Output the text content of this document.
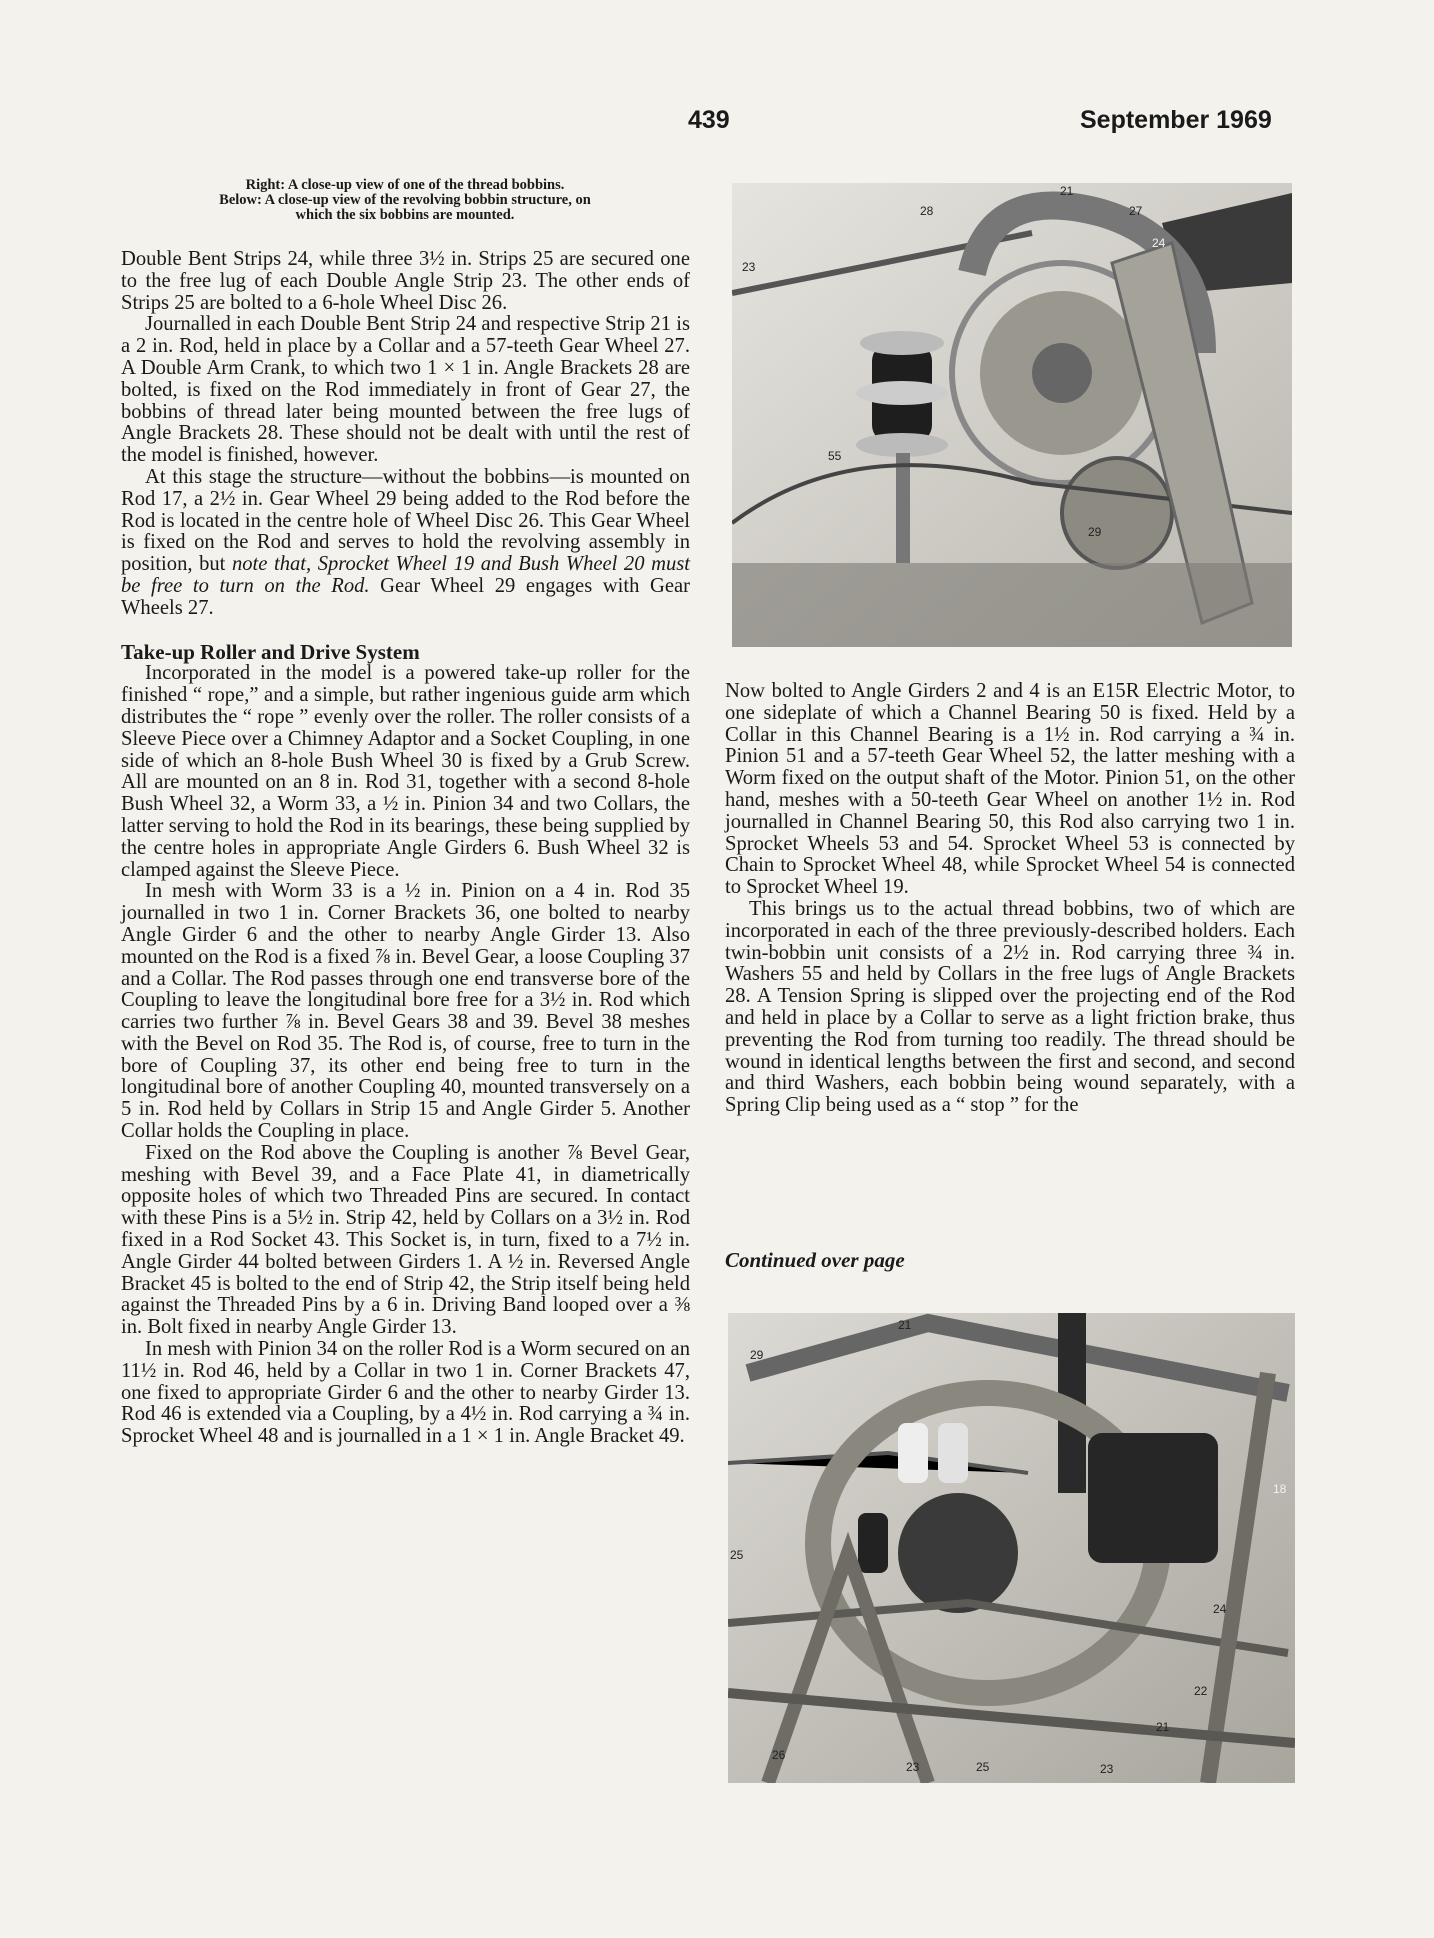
439	September 1969
Right: A close-up view of one of the thread bobbins.
Below: A close-up view of the revolving bobbin structure, on
which the six bobbins are mounted.

Double Bent Strips 24, while three 3½ in. Strips 25 are secured one to the free lug of each Double Angle Strip 23. The other ends of Strips 25 are bolted to a 6-hole Wheel Disc 26.

Journalled in each Double Bent Strip 24 and respective Strip 21 is a 2 in. Rod, held in place by a Collar and a 57-teeth Gear Wheel 27. A Double Arm Crank, to which two 1 × 1 in. Angle Brackets 28 are bolted, is fixed on the Rod immediately in front of Gear 27, the bobbins of thread later being mounted between the free lugs of Angle Brackets 28. These should not be dealt with until the rest of the model is finished, however.

At this stage the structure—without the bobbins—is mounted on Rod 17, a 2½ in. Gear Wheel 29 being added to the Rod before the Rod is located in the centre hole of Wheel Disc 26. This Gear Wheel is fixed on the Rod and serves to hold the revolving assembly in position, but note that, Sprocket Wheel 19 and Bush Wheel 20 must be free to turn on the Rod. Gear Wheel 29 engages with Gear Wheels 27.

Take-up Roller and Drive System

Incorporated in the model is a powered take-up roller for the finished “ rope,” and a simple, but rather ingenious guide arm which distributes the “ rope ” evenly over the roller. The roller consists of a Sleeve Piece over a Chimney Adaptor and a Socket Coupling, in one side of which an 8-hole Bush Wheel 30 is fixed by a Grub Screw. All are mounted on an 8 in. Rod 31, together with a second 8-hole Bush Wheel 32, a Worm 33, a ½ in. Pinion 34 and two Collars, the latter serving to hold the Rod in its bearings, these being supplied by the centre holes in appropriate Angle Girders 6. Bush Wheel 32 is clamped against the Sleeve Piece.

In mesh with Worm 33 is a ½ in. Pinion on a 4 in. Rod 35 journalled in two 1 in. Corner Brackets 36, one bolted to nearby Angle Girder 6 and the other to nearby Angle Girder 13. Also mounted on the Rod is a fixed ⅞ in. Bevel Gear, a loose Coupling 37 and a Collar. The Rod passes through one end transverse bore of the Coupling to leave the longitudinal bore free for a 3½ in. Rod which carries two further ⅞ in. Bevel Gears 38 and 39. Bevel 38 meshes with the Bevel on Rod 35. The Rod is, of course, free to turn in the bore of Coupling 37, its other end being free to turn in the longitudinal bore of another Coupling 40, mounted transversely on a 5 in. Rod held by Collars in Strip 15 and Angle Girder 5. Another Collar holds the Coupling in place.

Fixed on the Rod above the Coupling is another ⅞ Bevel Gear, meshing with Bevel 39, and a Face Plate 41, in diametrically opposite holes of which two Threaded Pins are secured. In contact with these Pins is a 5½ in. Strip 42, held by Collars on a 3½ in. Rod fixed in a Rod Socket 43. This Socket is, in turn, fixed to a 7½ in. Angle Girder 44 bolted between Girders 1. A ½ in. Reversed Angle Bracket 45 is bolted to the end of Strip 42, the Strip itself being held against the Threaded Pins by a 6 in. Driving Band looped over a ⅜ in. Bolt fixed in nearby Angle Girder 13.

In mesh with Pinion 34 on the roller Rod is a Worm secured on an 11½ in. Rod 46, held by a Collar in two 1 in. Corner Brackets 47, one fixed to appropriate Girder 6 and the other to nearby Girder 13. Rod 46 is extended via a Coupling, by a 4½ in. Rod carrying a ¾ in. Sprocket Wheel 48 and is journalled in a 1 × 1 in. Angle Bracket 49.

21
28	27
24
23
55
29

Now bolted to Angle Girders 2 and 4 is an E15R Electric Motor, to one sideplate of which a Channel Bearing 50 is fixed. Held by a Collar in this Channel Bearing is a 1½ in. Rod carrying a ¾ in. Pinion 51 and a 57-teeth Gear Wheel 52, the latter meshing with a Worm fixed on the output shaft of the Motor. Pinion 51, on the other hand, meshes with a 50-teeth Gear Wheel on another 1½ in. Rod journalled in Channel Bearing 50, this Rod also carrying two 1 in. Sprocket Wheels 53 and 54. Sprocket Wheel 53 is connected by Chain to Sprocket Wheel 48, while Sprocket Wheel 54 is connected to Sprocket Wheel 19.

This brings us to the actual thread bobbins, two of which are incorporated in each of the three previously-described holders. Each twin-bobbin unit consists of a 2½ in. Rod carrying three ¾ in. Washers 55 and held by Collars in the free lugs of Angle Brackets 28. A Tension Spring is slipped over the projecting end of the Rod and held in place by a Collar to serve as a light friction brake, thus preventing the Rod from turning too readily. The thread should be wound in identical lengths between the first and second, and second and third Washers, each bobbin being wound separately, with a Spring Clip being used as a “ stop ” for the

Continued over page
21
29
18
25
24
22
21
26
23	25	23
